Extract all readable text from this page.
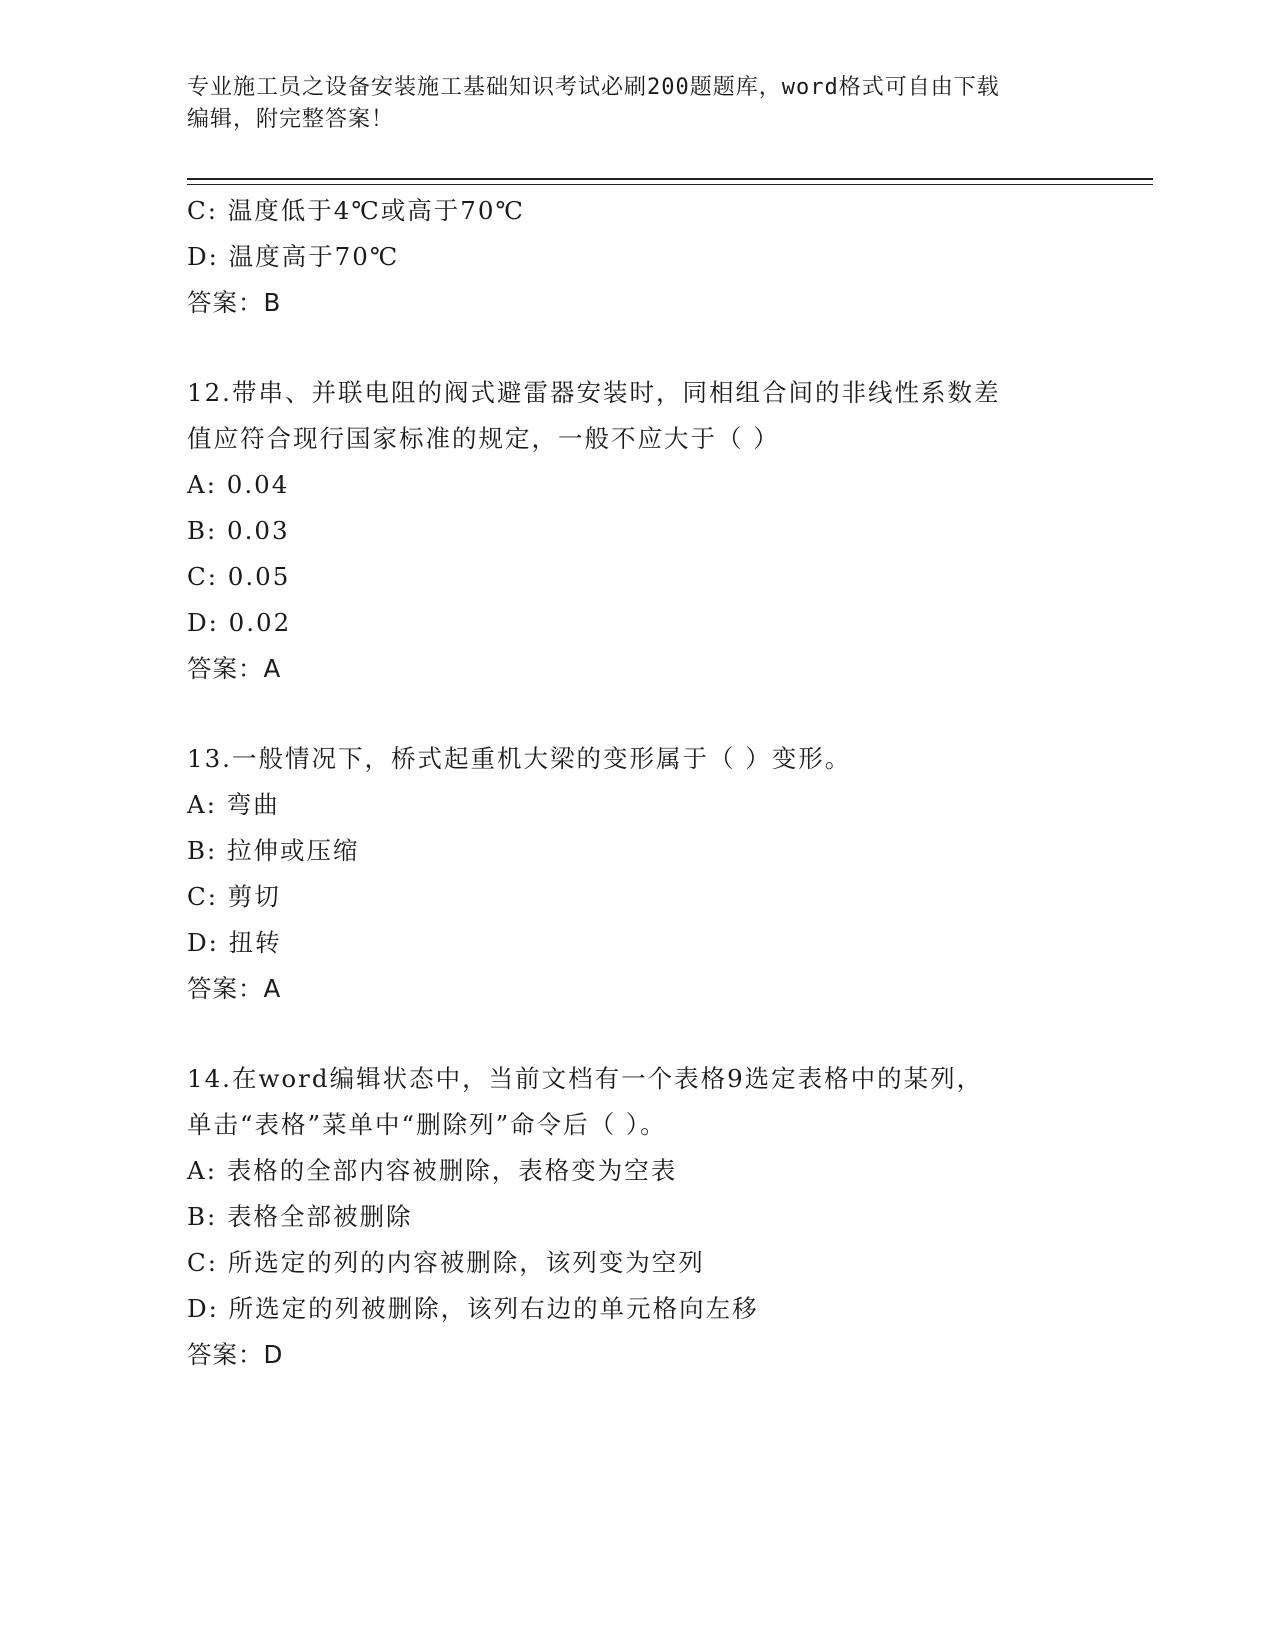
专业施工员之设备安装施工基础知识考试必刷200题题库，word格式可自由下载
编辑，附完整答案！
C: 温度低于4℃或高于70℃
D: 温度高于70℃
答案：B
12.带串、并联电阻的阀式避雷器安装时，同相组合间的非线性系数差
值应符合现行国家标准的规定，一般不应大于（ ）
A: 0.04
B: 0.03
C: 0.05
D: 0.02
答案：A
13.一般情况下，桥式起重机大梁的变形属于（ ）变形。
A: 弯曲
B: 拉伸或压缩
C: 剪切
D: 扭转
答案：A
14.在word编辑状态中，当前文档有一个表格9选定表格中的某列，
单击“表格”菜单中“删除列”命令后（ ）。
A: 表格的全部内容被删除，表格变为空表
B: 表格全部被删除
C: 所选定的列的内容被删除，该列变为空列
D: 所选定的列被删除，该列右边的单元格向左移
答案：D
